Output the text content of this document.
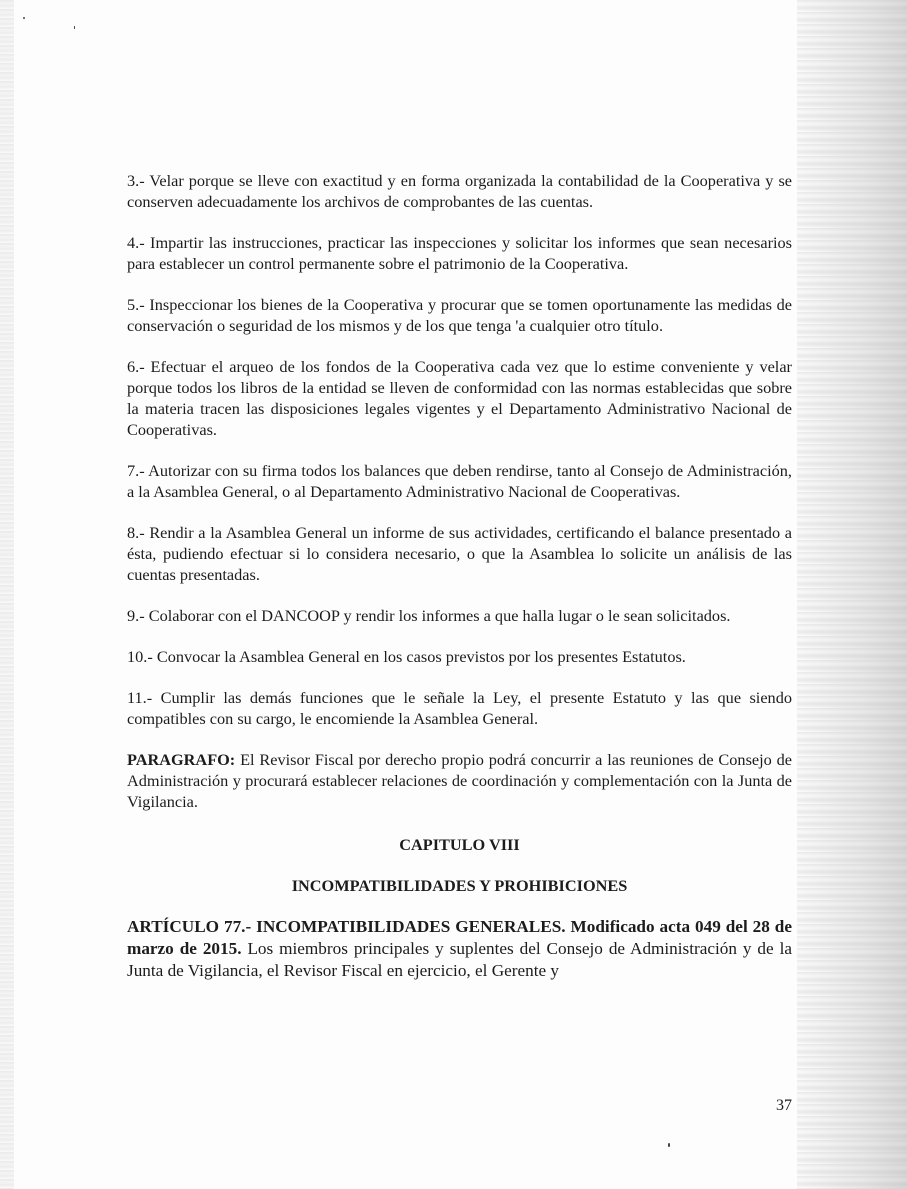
3.- Velar porque se lleve con exactitud y en forma organizada la contabilidad de la Cooperativa y se conserven adecuadamente los archivos de comprobantes de las cuentas.

4.- Impartir las instrucciones, practicar las inspecciones y solicitar los informes que sean necesarios para establecer un control permanente sobre el patrimonio de la Cooperativa.

5.- Inspeccionar los bienes de la Cooperativa y procurar que se tomen oportunamente las medidas de conservación o seguridad de los mismos y de los que tenga 'a cualquier otro título.

6.- Efectuar el arqueo de los fondos de la Cooperativa cada vez que lo estime conveniente y velar porque todos los libros de la entidad se lleven de conformidad con las normas establecidas que sobre la materia tracen las disposiciones legales vigentes y el Departamento Administrativo Nacional de Cooperativas.

7.- Autorizar con su firma todos los balances que deben rendirse, tanto al Consejo de Administración, a la Asamblea General, o al Departamento Administrativo Nacional de Cooperativas.

8.- Rendir a la Asamblea General un informe de sus actividades, certificando el balance presentado a ésta, pudiendo efectuar si lo considera necesario, o que la Asamblea lo solicite un análisis de las cuentas presentadas.

9.- Colaborar con el DANCOOP y rendir los informes a que halla lugar o le sean solicitados.

10.- Convocar la Asamblea General en los casos previstos por los presentes Estatutos.

11.- Cumplir las demás funciones que le señale la Ley, el presente Estatuto y las que siendo compatibles con su cargo, le encomiende la Asamblea General.

PARAGRAFO: El Revisor Fiscal por derecho propio podrá concurrir a las reuniones de Consejo de Administración y procurará establecer relaciones de coordinación y complementación con la Junta de Vigilancia.

CAPITULO VIII
INCOMPATIBILIDADES Y PROHIBICIONES

ARTÍCULO 77.- INCOMPATIBILIDADES GENERALES. Modificado acta 049 del 28 de marzo de 2015. Los miembros principales y suplentes del Consejo de Administración y de la Junta de Vigilancia, el Revisor Fiscal en ejercicio, el Gerente y

37
